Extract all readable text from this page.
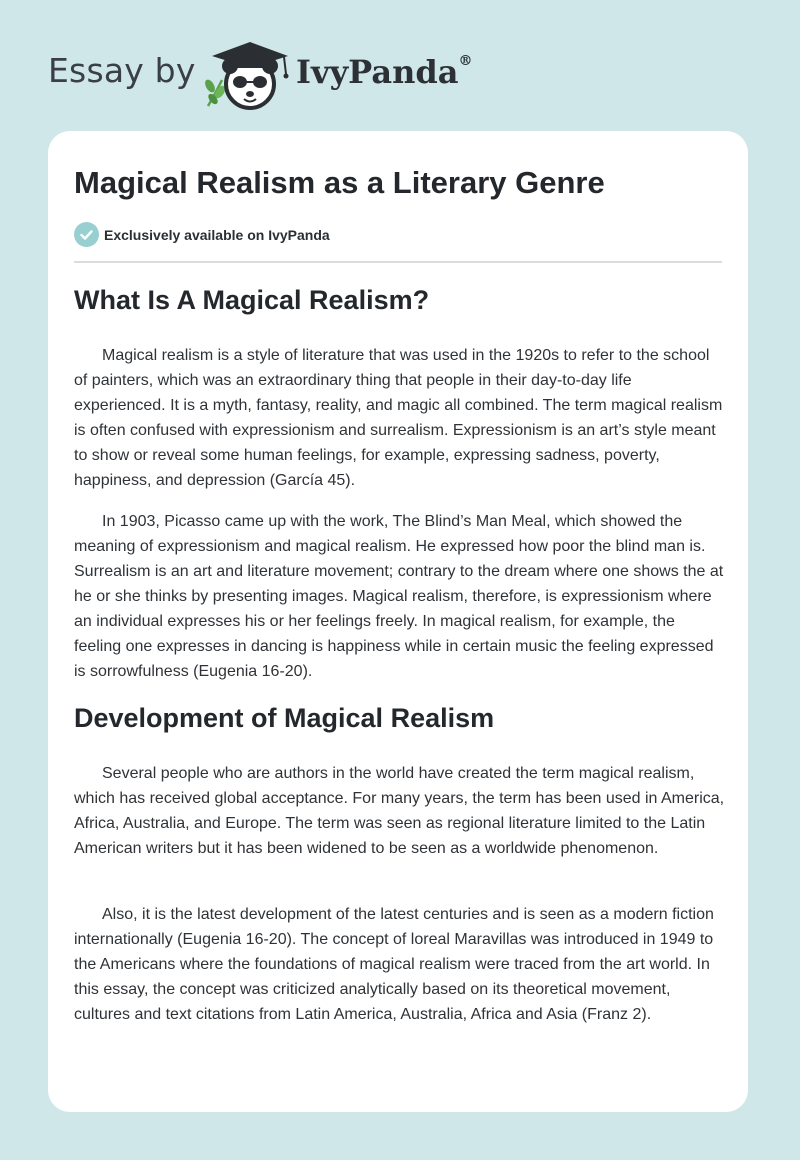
Essay by	IvyPanda®
Magical Realism as a Literary Genre
Exclusively available on IvyPanda
What Is A Magical Realism?

Magical realism is a style of literature that was used in the 1920s to refer to the school of painters, which was an extraordinary thing that people in their day-to-day life experienced. It is a myth, fantasy, reality, and magic all combined. The term magical realism is often confused with expressionism and surrealism. Expressionism is an art’s style meant to show or reveal some human feelings, for example, expressing sadness, poverty, happiness, and depression (García 45).

In 1903, Picasso came up with the work, The Blind’s Man Meal, which showed the meaning of expressionism and magical realism. He expressed how poor the blind man is. Surrealism is an art and literature movement; contrary to the dream where one shows the at he or she thinks by presenting images. Magical realism, therefore, is expressionism where an individual expresses his or her feelings freely. In magical realism, for example, the feeling one expresses in dancing is happiness while in certain music the feeling expressed is sorrowfulness (Eugenia 16-20).

Development of Magical Realism

Several people who are authors in the world have created the term magical realism, which has received global acceptance. For many years, the term has been used in America, Africa, Australia, and Europe. The term was seen as regional literature limited to the Latin American writers but it has been widened to be seen as a worldwide phenomenon.

Also, it is the latest development of the latest centuries and is seen as a modern fiction internationally (Eugenia 16-20). The concept of loreal Maravillas was introduced in 1949 to the Americans where the foundations of magical realism were traced from the art world. In this essay, the concept was criticized analytically based on its theoretical movement, cultures and text citations from Latin America, Australia, Africa and Asia (Franz 2).
